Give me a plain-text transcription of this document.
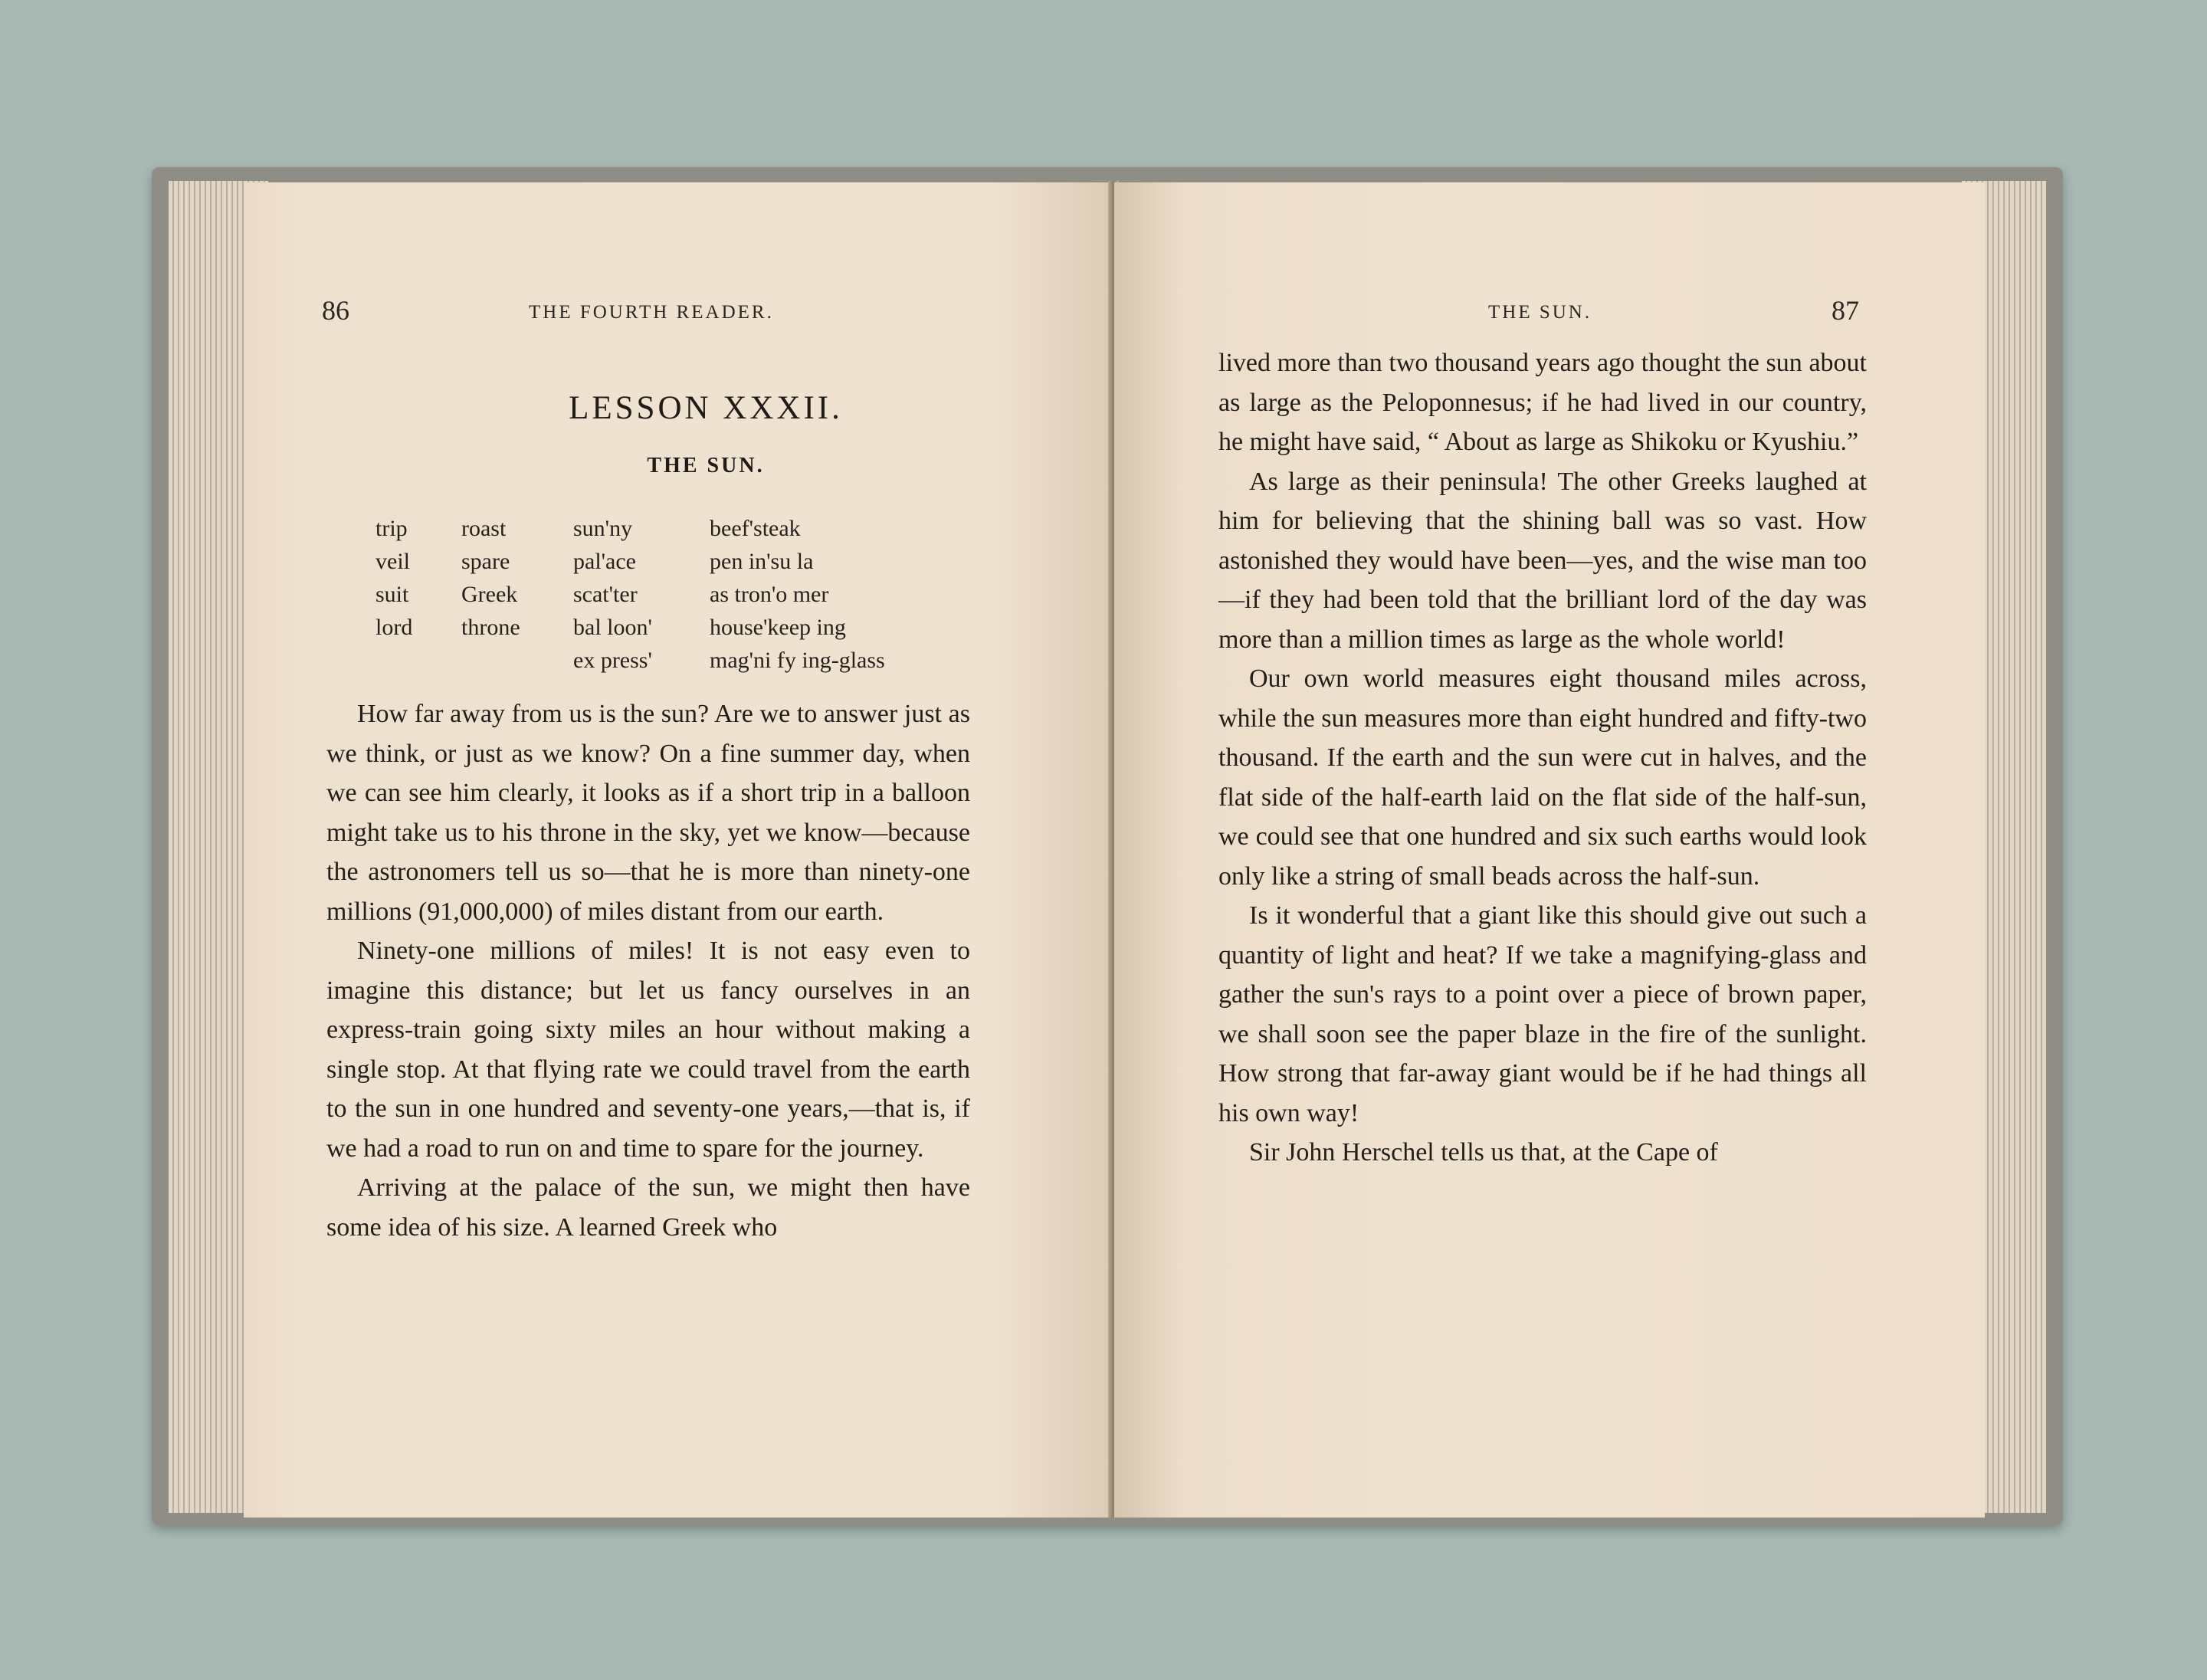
86	THE FOURTH READER.
LESSON XXXII.
THE SUN.
trip
veil
suit
lord
roast
spare
Greek
throne
sun'ny
pal'ace
scat'ter
bal loon'
ex press'
beef'steak
pen in'su la
as tron'o mer
house'keep ing
mag'ni fy ing-glass

How far away from us is the sun? Are we to answer just as we think, or just as we know? On a fine summer day, when we can see him clearly, it looks as if a short trip in a balloon might take us to his throne in the sky, yet we know—because the astronomers tell us so—that he is more than ninety-one millions (91,000,000) of miles distant from our earth.

Ninety-one millions of miles! It is not easy even to imagine this distance; but let us fancy ourselves in an express-train going sixty miles an hour without making a single stop. At that flying rate we could travel from the earth to the sun in one hundred and seventy-one years,—that is, if we had a road to run on and time to spare for the journey.

Arriving at the palace of the sun, we might then have some idea of his size. A learned Greek who

THE SUN.	87

lived more than two thousand years ago thought the sun about as large as the Peloponnesus; if he had lived in our country, he might have said, “ About as large as Shikoku or Kyushiu.”

As large as their peninsula! The other Greeks laughed at him for believing that the shining ball was so vast. How astonished they would have been—yes, and the wise man too—if they had been told that the brilliant lord of the day was more than a million times as large as the whole world!

Our own world measures eight thousand miles across, while the sun measures more than eight hundred and fifty-two thousand. If the earth and the sun were cut in halves, and the flat side of the half-earth laid on the flat side of the half-sun, we could see that one hundred and six such earths would look only like a string of small beads across the half-sun.

Is it wonderful that a giant like this should give out such a quantity of light and heat? If we take a magnifying-glass and gather the sun's rays to a point over a piece of brown paper, we shall soon see the paper blaze in the fire of the sunlight. How strong that far-away giant would be if he had things all his own way!

Sir John Herschel tells us that, at the Cape of
